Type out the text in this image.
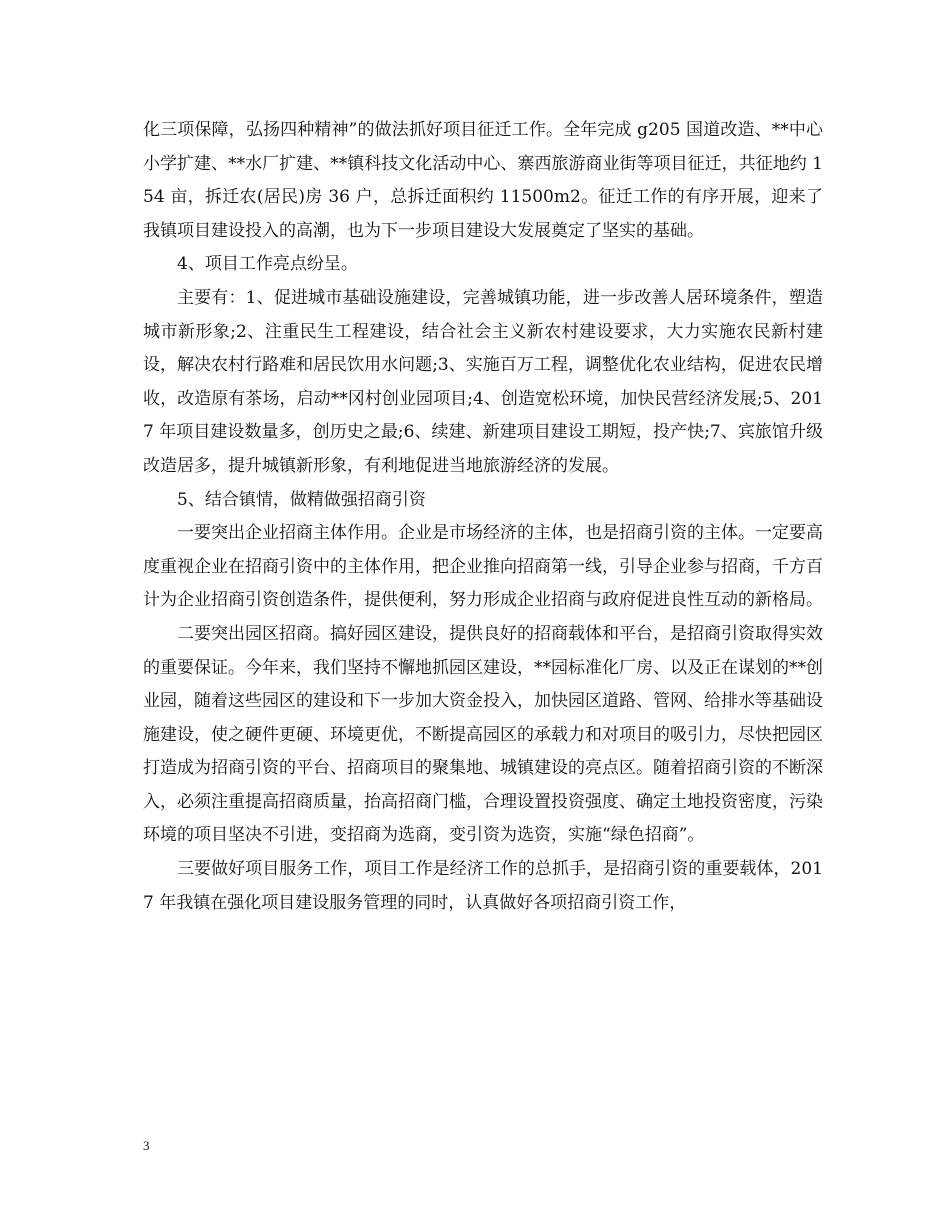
化三项保障，弘扬四种精神”的做法抓好项目征迁工作。全年完成 g205 国道改造、**中心小学扩建、**水厂扩建、**镇科技文化活动中心、寨西旅游商业街等项目征迁，共征地约 154 亩，拆迁农(居民)房 36 户，总拆迁面积约 11500m2。征迁工作的有序开展，迎来了我镇项目建设投入的高潮，也为下一步项目建设大发展奠定了坚实的基础。

4、项目工作亮点纷呈。

主要有：1、促进城市基础设施建设，完善城镇功能，进一步改善人居环境条件，塑造城市新形象;2、注重民生工程建设，结合社会主义新农村建设要求，大力实施农民新村建设，解决农村行路难和居民饮用水问题;3、实施百万工程，调整优化农业结构，促进农民增收，改造原有茶场，启动**冈村创业园项目;4、创造宽松环境，加快民营经济发展;5、2017 年项目建设数量多，创历史之最;6、续建、新建项目建设工期短，投产快;7、宾旅馆升级改造居多，提升城镇新形象，有利地促进当地旅游经济的发展。

5、结合镇情，做精做强招商引资

一要突出企业招商主体作用。企业是市场经济的主体，也是招商引资的主体。一定要高度重视企业在招商引资中的主体作用，把企业推向招商第一线，引导企业参与招商，千方百计为企业招商引资创造条件，提供便利，努力形成企业招商与政府促进良性互动的新格局。

二要突出园区招商。搞好园区建设，提供良好的招商载体和平台，是招商引资取得实效的重要保证。今年来，我们坚持不懈地抓园区建设，**园标准化厂房、以及正在谋划的**创业园，随着这些园区的建设和下一步加大资金投入，加快园区道路、管网、给排水等基础设施建设，使之硬件更硬、环境更优，不断提高园区的承载力和对项目的吸引力，尽快把园区打造成为招商引资的平台、招商项目的聚集地、城镇建设的亮点区。随着招商引资的不断深入，必须注重提高招商质量，抬高招商门槛，合理设置投资强度、确定土地投资密度，污染环境的项目坚决不引进，变招商为选商，变引资为选资，实施“绿色招商”。

三要做好项目服务工作，项目工作是经济工作的总抓手，是招商引资的重要载体，2017 年我镇在强化项目建设服务管理的同时，认真做好各项招商引资工作，

3
